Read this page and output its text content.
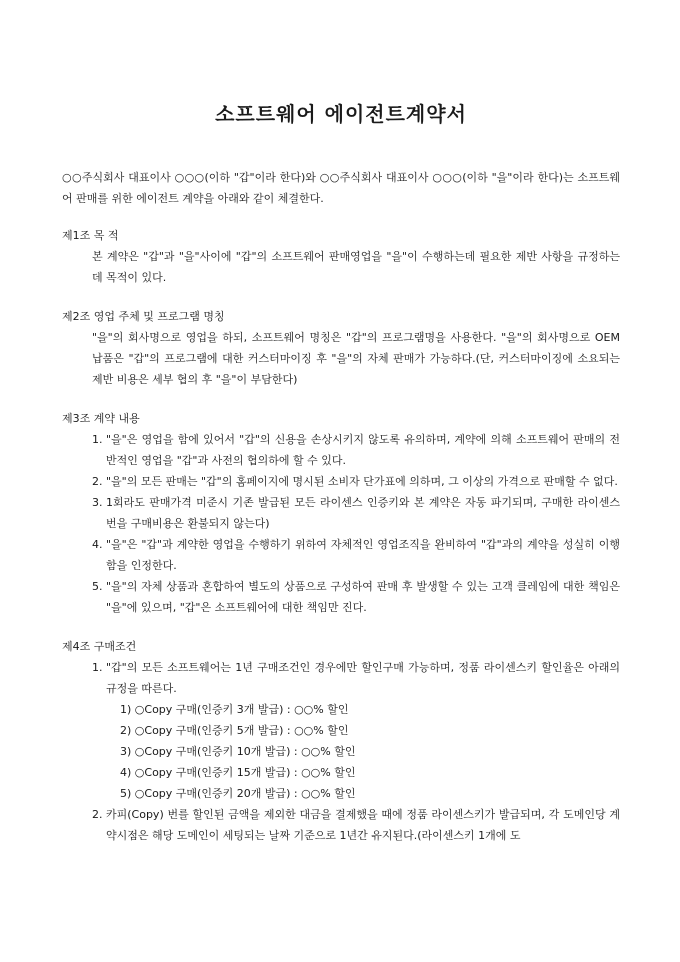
소프트웨어 에이전트계약서

○○주식회사 대표이사 ○○○(이하 "갑"이라 한다)와 ○○주식회사 대표이사 ○○○(이하 "을"이라 한다)는 소프트웨어 판매를 위한 에이전트 계약을 아래와 같이 체결한다.

제1조 목 적

본 계약은 "갑"과 "을"사이에 "갑"의 소프트웨어 판매영업을 "을"이 수행하는데 필요한 제반 사항을 규정하는데 목적이 있다.

제2조 영업 주체 및 프로그램 명칭

"을"의 회사명으로 영업을 하되, 소프트웨어 명칭은 "갑"의 프로그램명을 사용한다. "을"의 회사명으로 OEM 납품은 "갑"의 프로그램에 대한 커스터마이징 후 "을"의 자체 판매가 가능하다.(단, 커스터마이징에 소요되는 제반 비용은 세부 협의 후 "을"이 부담한다)

제3조 계약 내용

1. "을"은 영업을 함에 있어서 "갑"의 신용을 손상시키지 않도록 유의하며, 계약에 의해 소프트웨어 판매의 전반적인 영업을 "갑"과 사전의 협의하에 할 수 있다.
2. "을"의 모든 판매는 "갑"의 홈페이지에 명시된 소비자 단가표에 의하며, 그 이상의 가격으로 판매할 수 없다.
3. 1회라도 판매가격 미준시 기존 발급된 모든 라이센스 인증키와 본 계약은 자동 파기되며, 구매한 라이센스 번을 구매비용은 환불되지 않는다)
4. "을"은 "갑"과 계약한 영업을 수행하기 위하여 자체적인 영업조직을 완비하여 "갑"과의 계약을 성실히 이행함을 인정한다.
5. "을"의 자체 상품과 혼합하여 별도의 상품으로 구성하여 판매 후 발생할 수 있는 고객 클레임에 대한 책임은 "을"에 있으며, "갑"은 소프트웨어에 대한 책임만 진다.

제4조 구매조건

1. "갑"의 모든 소프트웨어는 1년 구매조건인 경우에만 할인구매 가능하며, 정품 라이센스키 할인율은 아래의 규정을 따른다.
1) ○Copy 구매(인증키 3개 발급) : ○○% 할인
2) ○Copy 구매(인증키 5개 발급) : ○○% 할인
3) ○Copy 구매(인증키 10개 발급) : ○○% 할인
4) ○Copy 구매(인증키 15개 발급) : ○○% 할인
5) ○Copy 구매(인증키 20개 발급) : ○○% 할인
2. 카피(Copy) 번를 할인된 금액을 제외한 대금을 결제했을 때에 정품 라이센스키가 발급되며, 각 도메인당 계약시점은 해당 도메인이 세팅되는 날짜 기준으로 1년간 유지된다.(라이센스키 1개에 도
